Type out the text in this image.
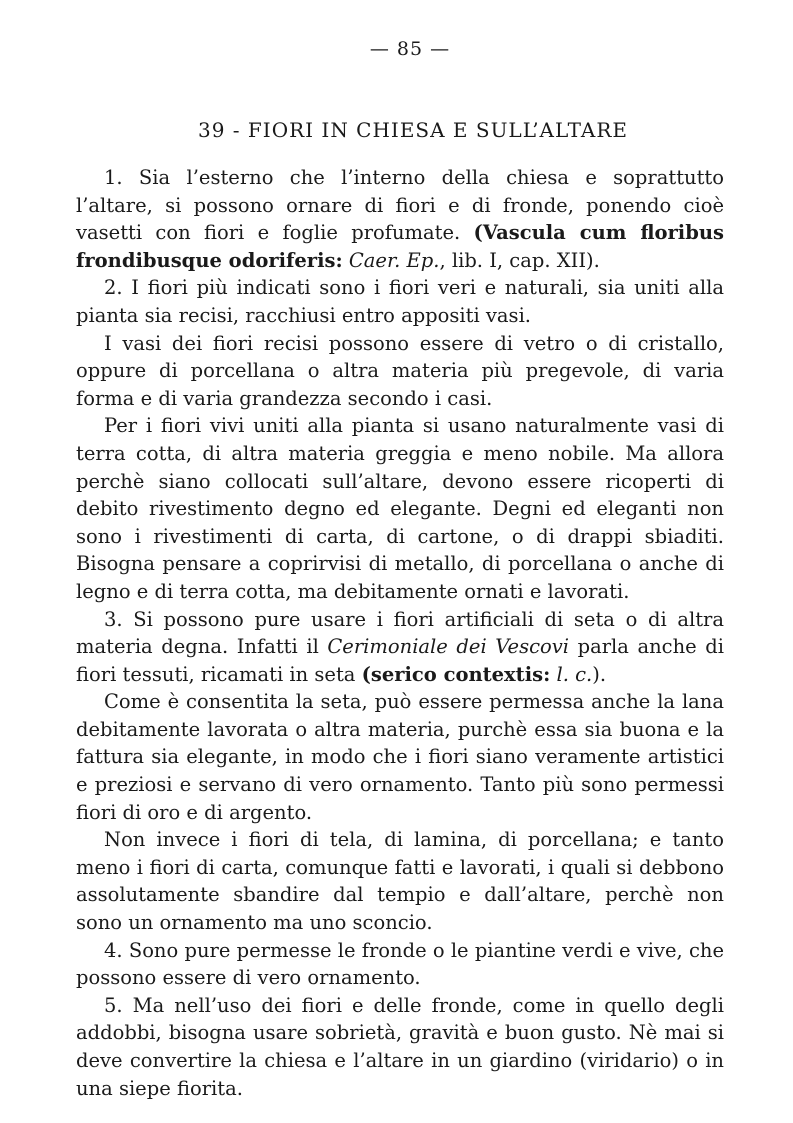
— 85 —
39 - FIORI IN CHIESA E SULL’ALTARE

1. Sia l’esterno che l’interno della chiesa e soprattutto l’altare, si possono ornare di fiori e di fronde, ponendo cioè vasetti con fiori e foglie profumate. (Vascula cum floribus frondibusque odoriferis: Caer. Ep., lib. I, cap. XII).

2. I fiori più indicati sono i fiori veri e naturali, sia uniti alla pianta sia recisi, racchiusi entro appositi vasi.

I vasi dei fiori recisi possono essere di vetro o di cristallo, oppure di porcellana o altra materia più pregevole, di varia forma e di varia grandezza secondo i casi.

Per i fiori vivi uniti alla pianta si usano naturalmente vasi di terra cotta, di altra materia greggia e meno nobile. Ma allora perchè siano collocati sull’altare, devono essere ricoperti di debito rivestimento degno ed elegante. Degni ed eleganti non sono i rivestimenti di carta, di cartone, o di drappi sbiaditi. Bisogna pensare a coprirvisi di metallo, di porcellana o anche di legno e di terra cotta, ma debitamente ornati e lavorati.

3. Si possono pure usare i fiori artificiali di seta o di altra materia degna. Infatti il Cerimoniale dei Vescovi parla anche di fiori tessuti, ricamati in seta (serico contextis: l. c.).

Come è consentita la seta, può essere permessa anche la lana debitamente lavorata o altra materia, purchè essa sia buona e la fattura sia elegante, in modo che i fiori siano veramente artistici e preziosi e servano di vero ornamento. Tanto più sono permessi fiori di oro e di argento.

Non invece i fiori di tela, di lamina, di porcellana; e tanto meno i fiori di carta, comunque fatti e lavorati, i quali si debbono assolutamente sbandire dal tempio e dall’altare, perchè non sono un ornamento ma uno sconcio.

4. Sono pure permesse le fronde o le piantine verdi e vive, che possono essere di vero ornamento.

5. Ma nell’uso dei fiori e delle fronde, come in quello degli addobbi, bisogna usare sobrietà, gravità e buon gusto. Nè mai si deve convertire la chiesa e l’altare in un giardino (viridario) o in una siepe fiorita.
